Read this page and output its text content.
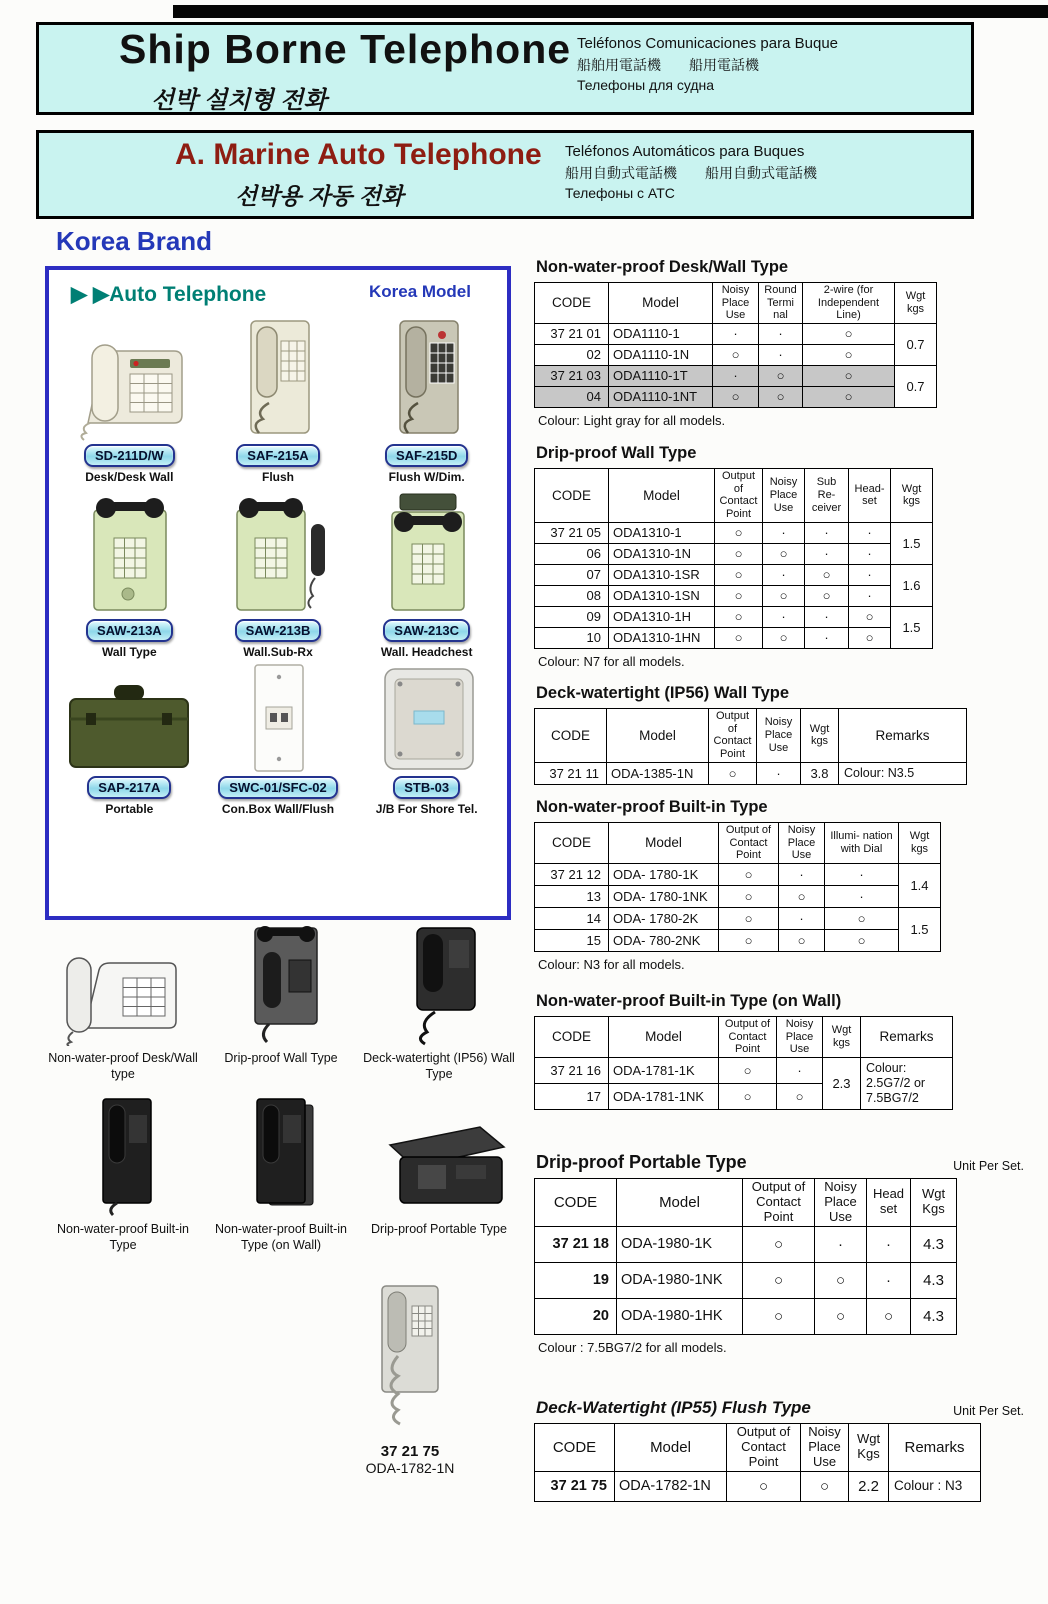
Ship Borne Telephone
선박 설치형 전화
Teléfonos Comunicaciones para Buque
船舶用電話機　　船用電話機
Телефоны для судна
A. Marine Auto Telephone
선박용 자동 전화
Teléfonos Automáticos para Buques
船用自動式電話機　　船用自動式電話機
Телефоны с ATC
Korea Brand
▶ ▶Auto Telephone	Korea Model
SD-211D/W
Desk/Desk Wall
SAF-215A
Flush
SAF-215D
Flush W/Dim.
SAW-213A
Wall Type
SAW-213B
Wall.Sub-Rx
SAW-213C
Wall. Headchest
SAP-217A
Portable
SWC-01/SFC-02
Con.Box Wall/Flush
STB-03
J/B For Shore Tel.
Non-water-proof Desk/Wall type
Drip-proof Wall Type	Deck-watertight (IP56) Wall Type
Non-water-proof Built-in Type
Non-water-proof Built-in Type (on Wall)
Drip-proof Portable Type
37 21 75
ODA-1782-1N
Non-water-proof Desk/Wall Type
CODE	Model	Noisy Place Use	Round Termi nal	2-wire (for Independent Line)	Wgt kgs
37 21 01	ODA1110-1	·	·	○	0.7
02	ODA1110-1N	○	·	○	
37 21 03	ODA1110-1T	·	○	○	0.7
04	ODA1110-1NT	○	○	○	
Colour: Light gray for all models.
Drip-proof Wall Type
CODE	Model	Output of Contact Point	Noisy Place Use	Sub Re- ceiver	Head- set	Wgt kgs
37 21 05	ODA1310-1	○	·	·	·	1.5
06	ODA1310-1N	○	○	·	·	
07	ODA1310-1SR	○	·	○	·	1.6
08	ODA1310-1SN	○	○	○	·	
09	ODA1310-1H	○	·	·	○	1.5
10	ODA1310-1HN	○	○	·	○	
Colour: N7 for all models.
Deck-watertight (IP56) Wall Type
CODE	Model	Output of Contact Point	Noisy Place Use	Wgt kgs	Remarks
37 21 11	ODA-1385-1N	○	·	3.8	Colour: N3.5
Non-water-proof Built-in Type
CODE	Model	Output of Contact Point	Noisy Place Use	Illumi- nation with Dial	Wgt kgs
37 21 12	ODA- 1780-1K	○	·	·	1.4
13	ODA- 1780-1NK	○	○	·	
14	ODA- 1780-2K	○	·	○	1.5
15	ODA- 780-2NK	○	○	○	
Colour: N3 for all models.
Non-water-proof Built-in Type (on Wall)
CODE	Model	Output of Contact Point	Noisy Place Use	Wgt kgs	Remarks
37 21 16	ODA-1781-1K	○	·	2.3	Colour: 2.5G7/2 or 7.5BG7/2
17	ODA-1781-1NK	○	○		
Drip-proof Portable Type	Unit Per Set.
CODE	Model	Output of Contact Point	Noisy Place Use	Head set	Wgt Kgs
37 21 18	ODA-1980-1K	○	·	·	4.3
19	ODA-1980-1NK	○	○	·	4.3
20	ODA-1980-1HK	○	○	○	4.3
Colour : 7.5BG7/2 for all models.
Deck-Watertight (IP55) Flush Type	Unit Per Set.
CODE	Model	Output of Contact Point	Noisy Place Use	Wgt Kgs	Remarks
37 21 75	ODA-1782-1N	○	○	2.2	Colour : N3
